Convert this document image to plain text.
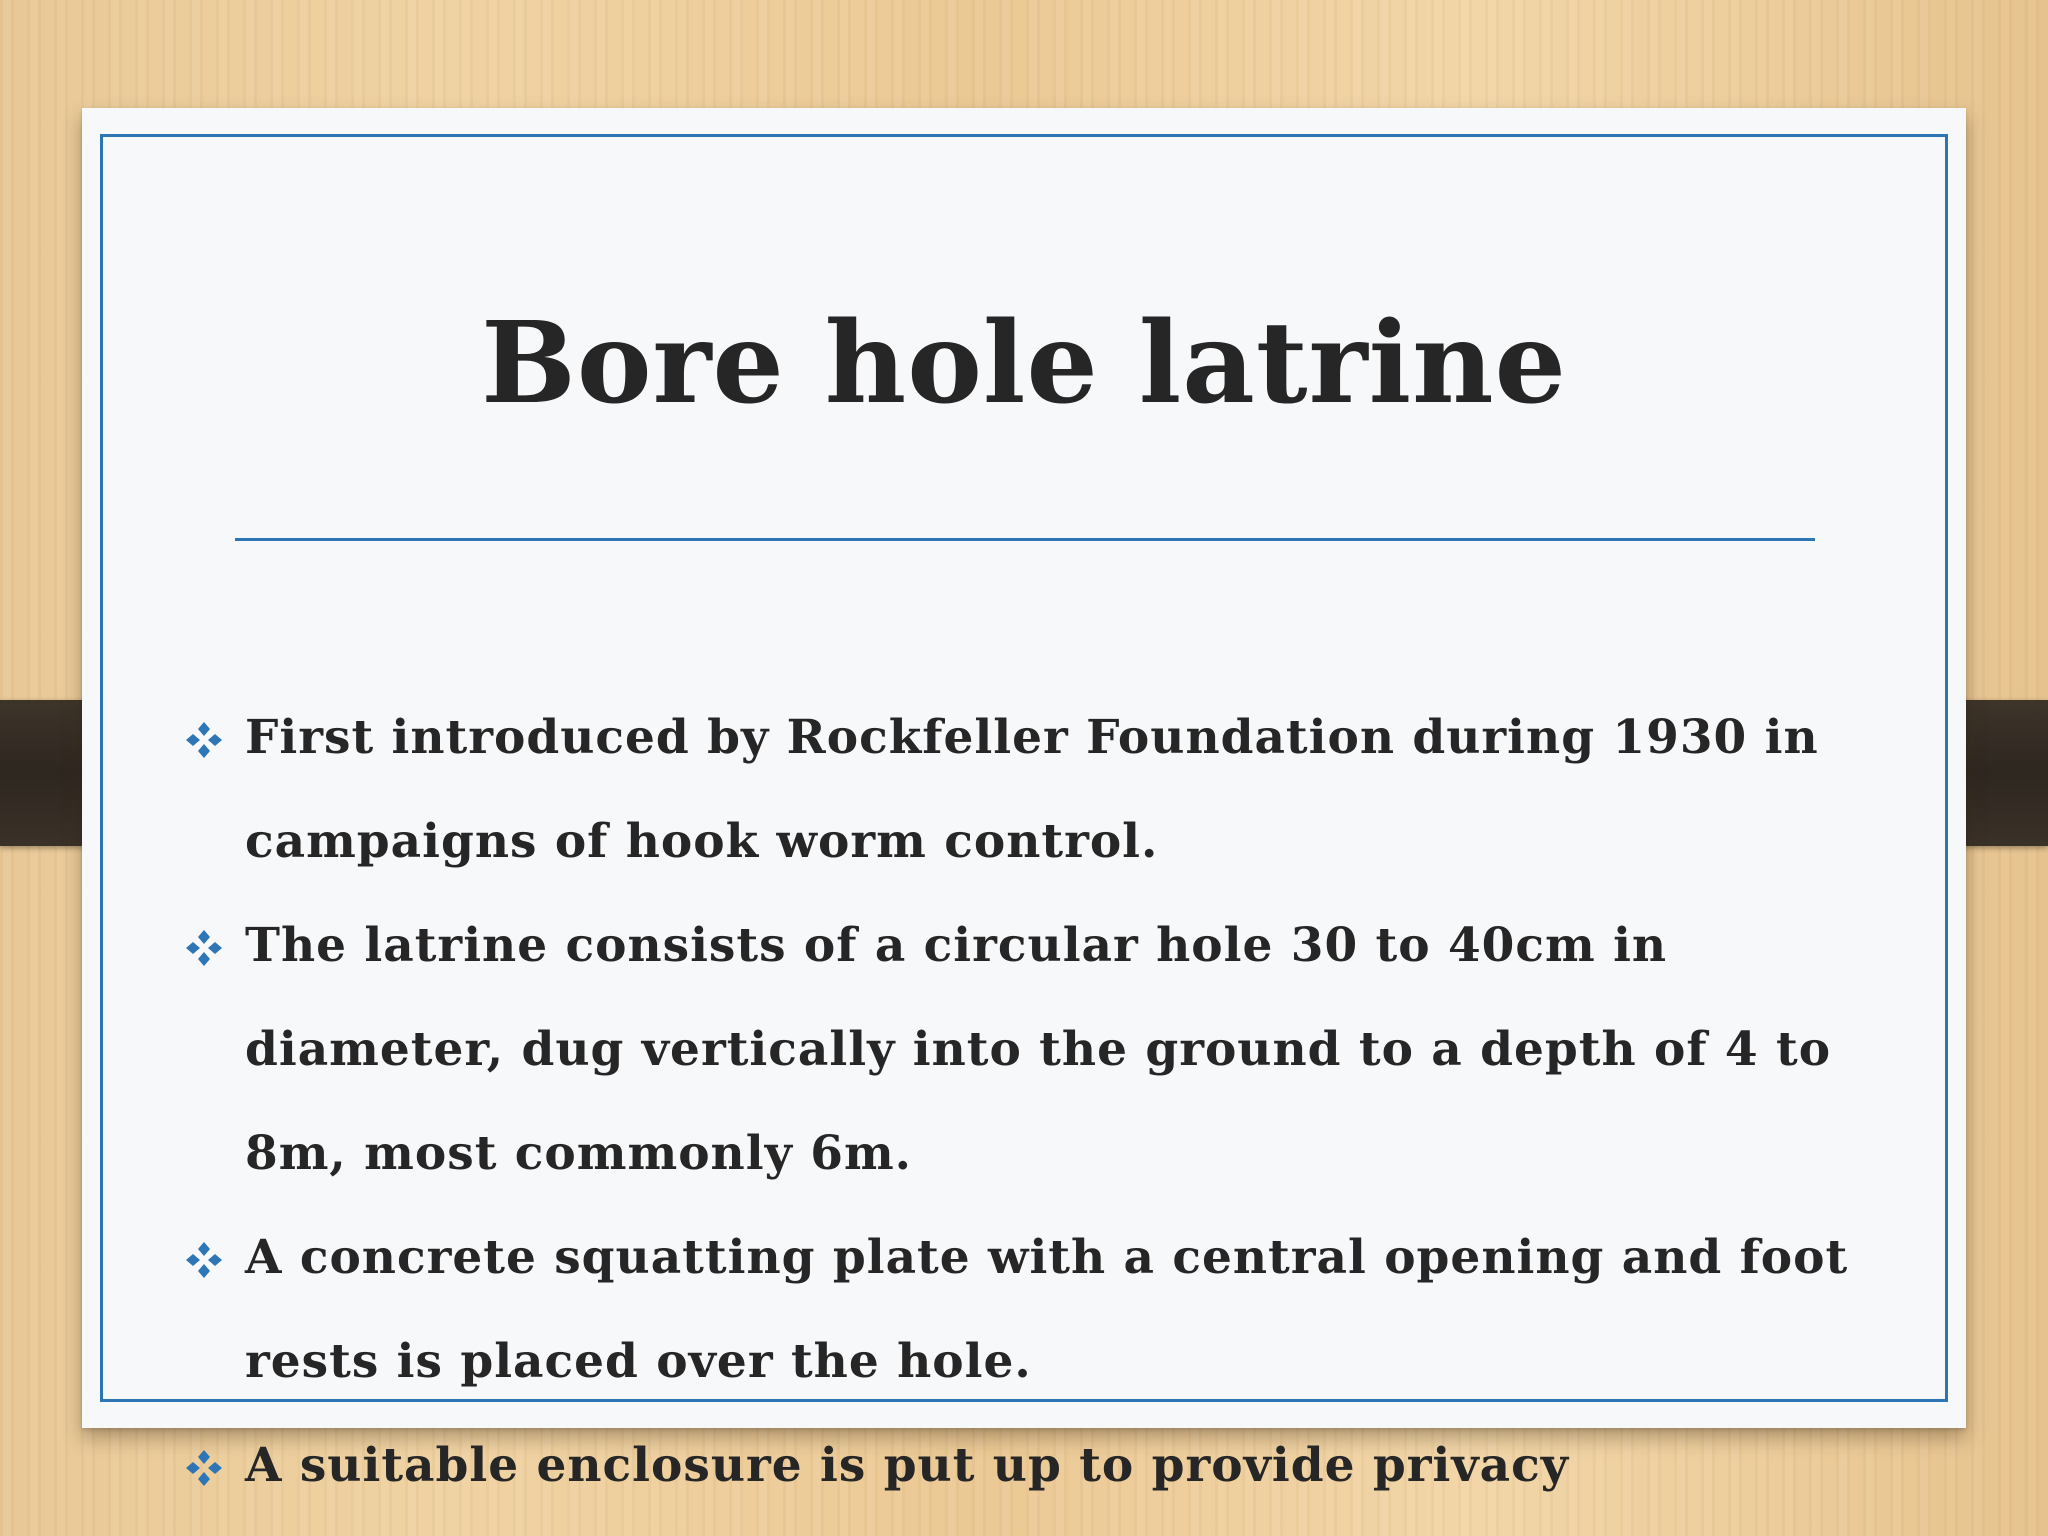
Bore hole latrine
First introduced by Rockfeller Foundation during 1930 in campaigns of hook worm control.
The latrine consists of a circular hole 30 to 40cm in diameter, dug vertically into the ground to a depth of 4 to 8m, most commonly 6m.
A concrete squatting plate with a central opening and foot rests is placed over the hole.
A suitable enclosure is put up to provide privacy
